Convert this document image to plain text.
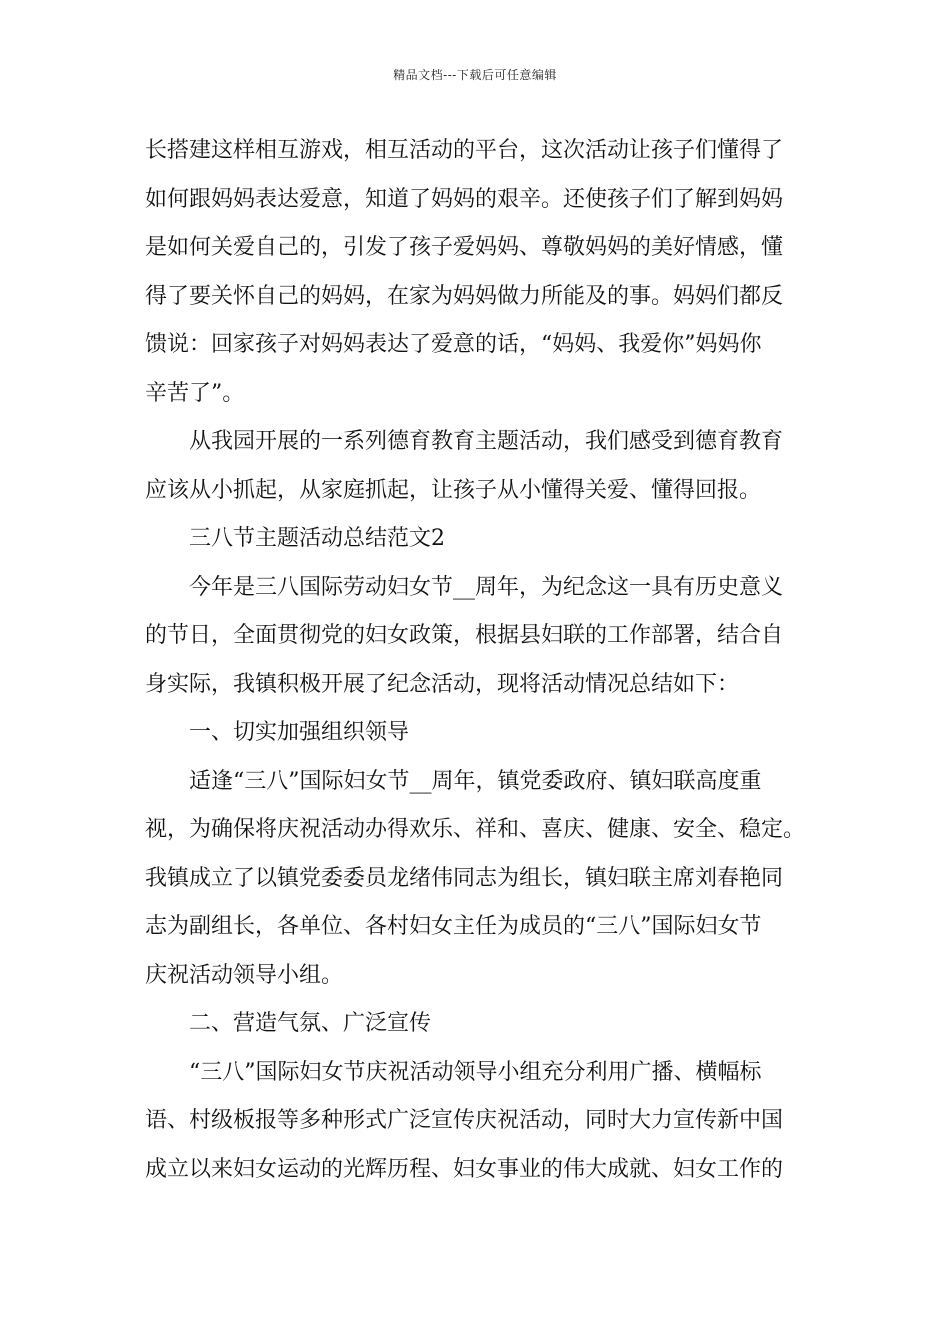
精品文档---下载后可任意编辑
长搭建这样相互游戏，相互活动的平台，这次活动让孩子们懂得了
如何跟妈妈表达爱意，知道了妈妈的艰辛。还使孩子们了解到妈妈
是如何关爱自己的，引发了孩子爱妈妈、尊敬妈妈的美好情感，懂
得了要关怀自己的妈妈，在家为妈妈做力所能及的事。妈妈们都反
馈说：回家孩子对妈妈表达了爱意的话，“妈妈、我爱你”妈妈你
辛苦了”。
从我园开展的一系列德育教育主题活动，我们感受到德育教育
应该从小抓起，从家庭抓起，让孩子从小懂得关爱、懂得回报。
三八节主题活动总结范文2
今年是三八国际劳动妇女节__周年，为纪念这一具有历史意义
的节日，全面贯彻党的妇女政策，根据县妇联的工作部署，结合自
身实际，我镇积极开展了纪念活动，现将活动情况总结如下：
一、切实加强组织领导
适逢“三八”国际妇女节__周年，镇党委政府、镇妇联高度重
视，为确保将庆祝活动办得欢乐、祥和、喜庆、健康、安全、稳定。
我镇成立了以镇党委委员龙绪伟同志为组长，镇妇联主席刘春艳同
志为副组长，各单位、各村妇女主任为成员的“三八”国际妇女节
庆祝活动领导小组。
二、营造气氛、广泛宣传
“三八”国际妇女节庆祝活动领导小组充分利用广播、横幅标
语、村级板报等多种形式广泛宣传庆祝活动，同时大力宣传新中国
成立以来妇女运动的光辉历程、妇女事业的伟大成就、妇女工作的
